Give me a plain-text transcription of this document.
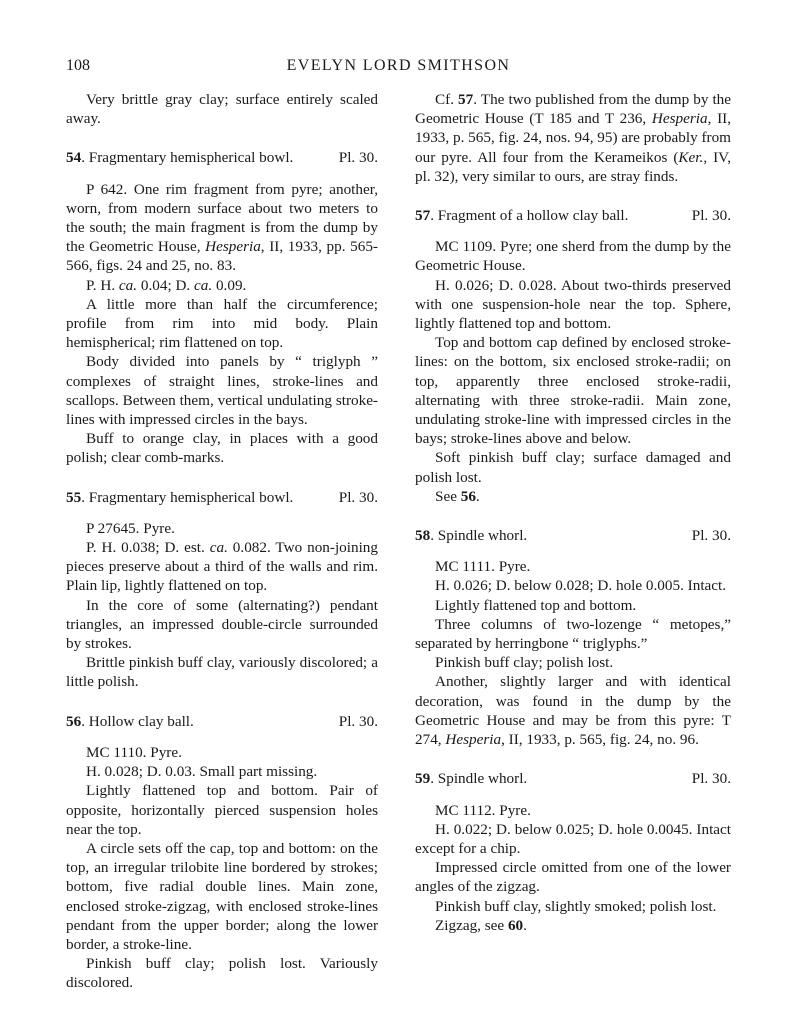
108	EVELYN LORD SMITHSON

Very brittle gray clay; surface entirely scaled away.

54. Fragmentary hemispherical bowl.	Pl. 30.

P 642. One rim fragment from pyre; another, worn, from modern surface about two meters to the south; the main fragment is from the dump by the Geometric House, Hesperia, II, 1933, pp. 565-566, figs. 24 and 25, no. 83.

P. H. ca. 0.04; D. ca. 0.09.

A little more than half the circumference; profile from rim into mid body. Plain hemispherical; rim flattened on top.

Body divided into panels by “ triglyph ” complexes of straight lines, stroke-lines and scallops. Between them, vertical undulating stroke-lines with impressed circles in the bays.

Buff to orange clay, in places with a good polish; clear comb-marks.

55. Fragmentary hemispherical bowl.	Pl. 30.

P 27645. Pyre.

P. H. 0.038; D. est. ca. 0.082. Two non-joining pieces preserve about a third of the walls and rim. Plain lip, lightly flattened on top.

In the core of some (alternating?) pendant triangles, an impressed double-circle surrounded by strokes.

Brittle pinkish buff clay, variously discolored; a little polish.

56. Hollow clay ball.	Pl. 30.

MC 1110. Pyre.

H. 0.028; D. 0.03. Small part missing.

Lightly flattened top and bottom. Pair of opposite, horizontally pierced suspension holes near the top.

A circle sets off the cap, top and bottom: on the top, an irregular trilobite line bordered by strokes; bottom, five radial double lines. Main zone, enclosed stroke-zigzag, with enclosed stroke-lines pendant from the upper border; along the lower border, a stroke-line.

Pinkish buff clay; polish lost. Variously discolored.

Cf. 57. The two published from the dump by the Geometric House (T 185 and T 236, Hesperia, II, 1933, p. 565, fig. 24, nos. 94, 95) are probably from our pyre. All four from the Kerameikos (Ker., IV, pl. 32), very similar to ours, are stray finds.

57. Fragment of a hollow clay ball.	Pl. 30.

MC 1109. Pyre; one sherd from the dump by the Geometric House.

H. 0.026; D. 0.028. About two-thirds preserved with one suspension-hole near the top. Sphere, lightly flattened top and bottom.

Top and bottom cap defined by enclosed stroke-lines: on the bottom, six enclosed stroke-radii; on top, apparently three enclosed stroke-radii, alternating with three stroke-radii. Main zone, undulating stroke-line with impressed circles in the bays; stroke-lines above and below.

Soft pinkish buff clay; surface damaged and polish lost.

See 56.

58. Spindle whorl.	Pl. 30.

MC 1111. Pyre.

H. 0.026; D. below 0.028; D. hole 0.005. Intact.

Lightly flattened top and bottom.

Three columns of two-lozenge “ metopes,” separated by herringbone “ triglyphs.”

Pinkish buff clay; polish lost.

Another, slightly larger and with identical decoration, was found in the dump by the Geometric House and may be from this pyre: T 274, Hesperia, II, 1933, p. 565, fig. 24, no. 96.

59. Spindle whorl.	Pl. 30.

MC 1112. Pyre.

H. 0.022; D. below 0.025; D. hole 0.0045. Intact except for a chip.

Impressed circle omitted from one of the lower angles of the zigzag.

Pinkish buff clay, slightly smoked; polish lost.

Zigzag, see 60.
